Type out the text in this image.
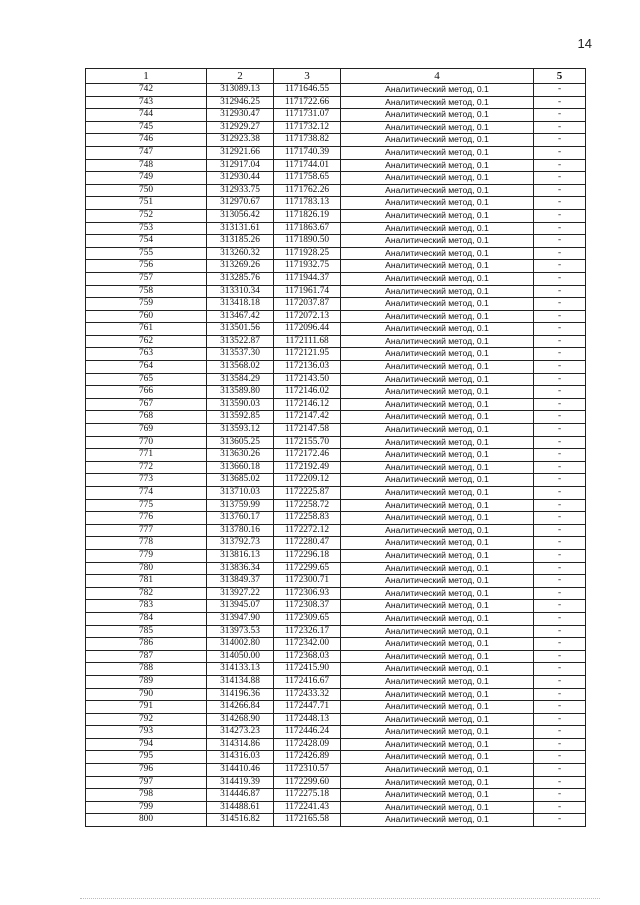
14
1	2	3	4	5
742	313089.13	1171646.55	Аналитический метод, 0.1	-
743	312946.25	1171722.66	Аналитический метод, 0.1	-
744	312930.47	1171731.07	Аналитический метод, 0.1	-
745	312929.27	1171732.12	Аналитический метод, 0.1	-
746	312923.38	1171738.82	Аналитический метод, 0.1	-
747	312921.66	1171740.39	Аналитический метод, 0.1	-
748	312917.04	1171744.01	Аналитический метод, 0.1	-
749	312930.44	1171758.65	Аналитический метод, 0.1	-
750	312933.75	1171762.26	Аналитический метод, 0.1	-
751	312970.67	1171783.13	Аналитический метод, 0.1	-
752	313056.42	1171826.19	Аналитический метод, 0.1	-
753	313131.61	1171863.67	Аналитический метод, 0.1	-
754	313185.26	1171890.50	Аналитический метод, 0.1	-
755	313260.32	1171928.25	Аналитический метод, 0.1	-
756	313269.26	1171932.75	Аналитический метод, 0.1	-
757	313285.76	1171944.37	Аналитический метод, 0.1	-
758	313310.34	1171961.74	Аналитический метод, 0.1	-
759	313418.18	1172037.87	Аналитический метод, 0.1	-
760	313467.42	1172072.13	Аналитический метод, 0.1	-
761	313501.56	1172096.44	Аналитический метод, 0.1	-
762	313522.87	1172111.68	Аналитический метод, 0.1	-
763	313537.30	1172121.95	Аналитический метод, 0.1	-
764	313568.02	1172136.03	Аналитический метод, 0.1	-
765	313584.29	1172143.50	Аналитический метод, 0.1	-
766	313589.80	1172146.02	Аналитический метод, 0.1	-
767	313590.03	1172146.12	Аналитический метод, 0.1	-
768	313592.85	1172147.42	Аналитический метод, 0.1	-
769	313593.12	1172147.58	Аналитический метод, 0.1	-
770	313605.25	1172155.70	Аналитический метод, 0.1	-
771	313630.26	1172172.46	Аналитический метод, 0.1	-
772	313660.18	1172192.49	Аналитический метод, 0.1	-
773	313685.02	1172209.12	Аналитический метод, 0.1	-
774	313710.03	1172225.87	Аналитический метод, 0.1	-
775	313759.99	1172258.72	Аналитический метод, 0.1	-
776	313760.17	1172258.83	Аналитический метод, 0.1	-
777	313780.16	1172272.12	Аналитический метод, 0.1	-
778	313792.73	1172280.47	Аналитический метод, 0.1	-
779	313816.13	1172296.18	Аналитический метод, 0.1	-
780	313836.34	1172299.65	Аналитический метод, 0.1	-
781	313849.37	1172300.71	Аналитический метод, 0.1	-
782	313927.22	1172306.93	Аналитический метод, 0.1	-
783	313945.07	1172308.37	Аналитический метод, 0.1	-
784	313947.90	1172309.65	Аналитический метод, 0.1	-
785	313973.53	1172326.17	Аналитический метод, 0.1	-
786	314002.80	1172342.00	Аналитический метод, 0.1	-
787	314050.00	1172368.03	Аналитический метод, 0.1	-
788	314133.13	1172415.90	Аналитический метод, 0.1	-
789	314134.88	1172416.67	Аналитический метод, 0.1	-
790	314196.36	1172433.32	Аналитический метод, 0.1	-
791	314266.84	1172447.71	Аналитический метод, 0.1	-
792	314268.90	1172448.13	Аналитический метод, 0.1	-
793	314273.23	1172446.24	Аналитический метод, 0.1	-
794	314314.86	1172428.09	Аналитический метод, 0.1	-
795	314316.03	1172426.89	Аналитический метод, 0.1	-
796	314410.46	1172310.57	Аналитический метод, 0.1	-
797	314419.39	1172299.60	Аналитический метод, 0.1	-
798	314446.87	1172275.18	Аналитический метод, 0.1	-
799	314488.61	1172241.43	Аналитический метод, 0.1	-
800	314516.82	1172165.58	Аналитический метод, 0.1	-
